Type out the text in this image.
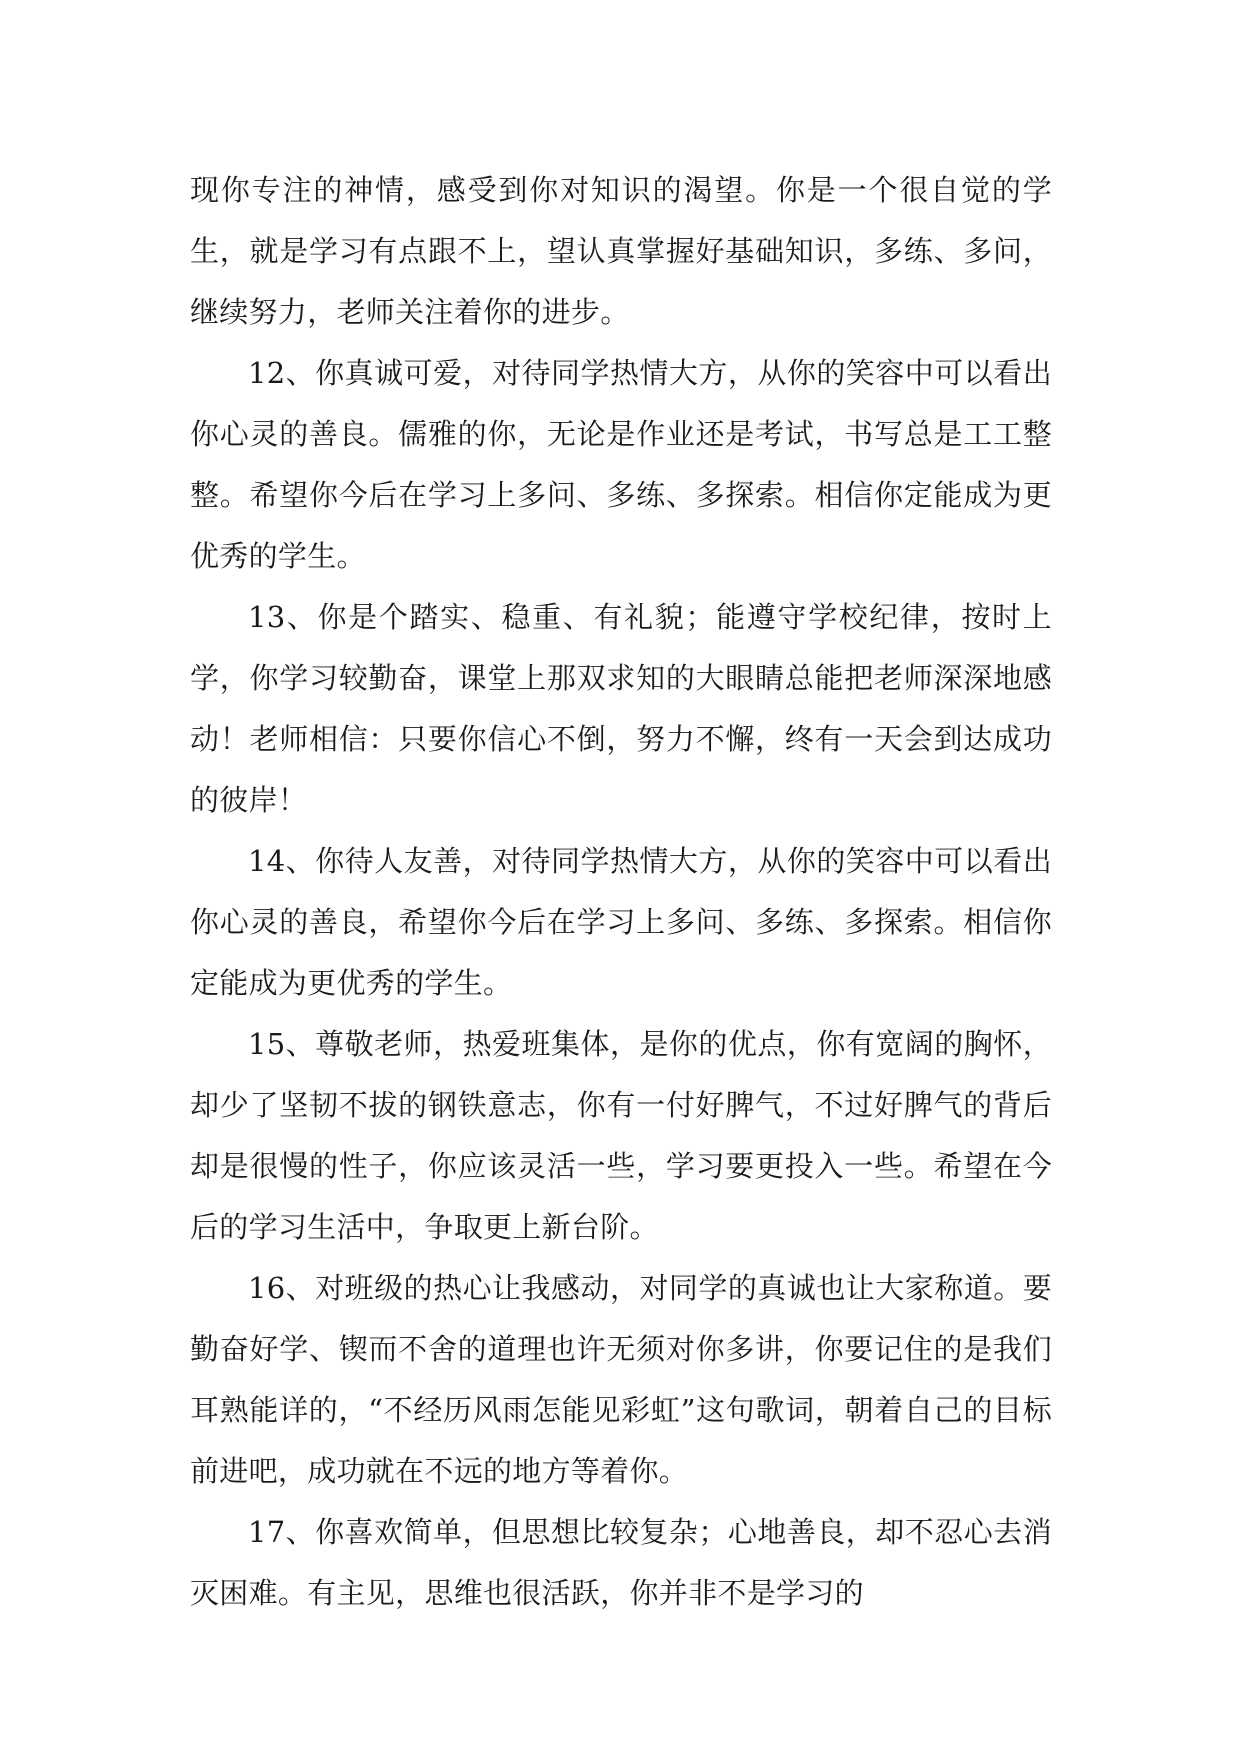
现你专注的神情，感受到你对知识的渴望。你是一个很自觉的学生，就是学习有点跟不上，望认真掌握好基础知识，多练、多问，继续努力，老师关注着你的进步。

12、你真诚可爱，对待同学热情大方，从你的笑容中可以看出你心灵的善良。儒雅的你，无论是作业还是考试，书写总是工工整整。希望你今后在学习上多问、多练、多探索。相信你定能成为更优秀的学生。

13、你是个踏实、稳重、有礼貌；能遵守学校纪律，按时上学，你学习较勤奋，课堂上那双求知的大眼睛总能把老师深深地感动！老师相信：只要你信心不倒，努力不懈，终有一天会到达成功的彼岸！

14、你待人友善，对待同学热情大方，从你的笑容中可以看出你心灵的善良，希望你今后在学习上多问、多练、多探索。相信你定能成为更优秀的学生。

15、尊敬老师，热爱班集体，是你的优点，你有宽阔的胸怀，却少了坚韧不拔的钢铁意志，你有一付好脾气，不过好脾气的背后却是很慢的性子，你应该灵活一些，学习要更投入一些。希望在今后的学习生活中，争取更上新台阶。

16、对班级的热心让我感动，对同学的真诚也让大家称道。要勤奋好学、锲而不舍的道理也许无须对你多讲，你要记住的是我们耳熟能详的，“不经历风雨怎能见彩虹”这句歌词，朝着自己的目标前进吧，成功就在不远的地方等着你。

17、你喜欢简单，但思想比较复杂；心地善良，却不忍心去消灭困难。有主见，思维也很活跃，你并非不是学习的
